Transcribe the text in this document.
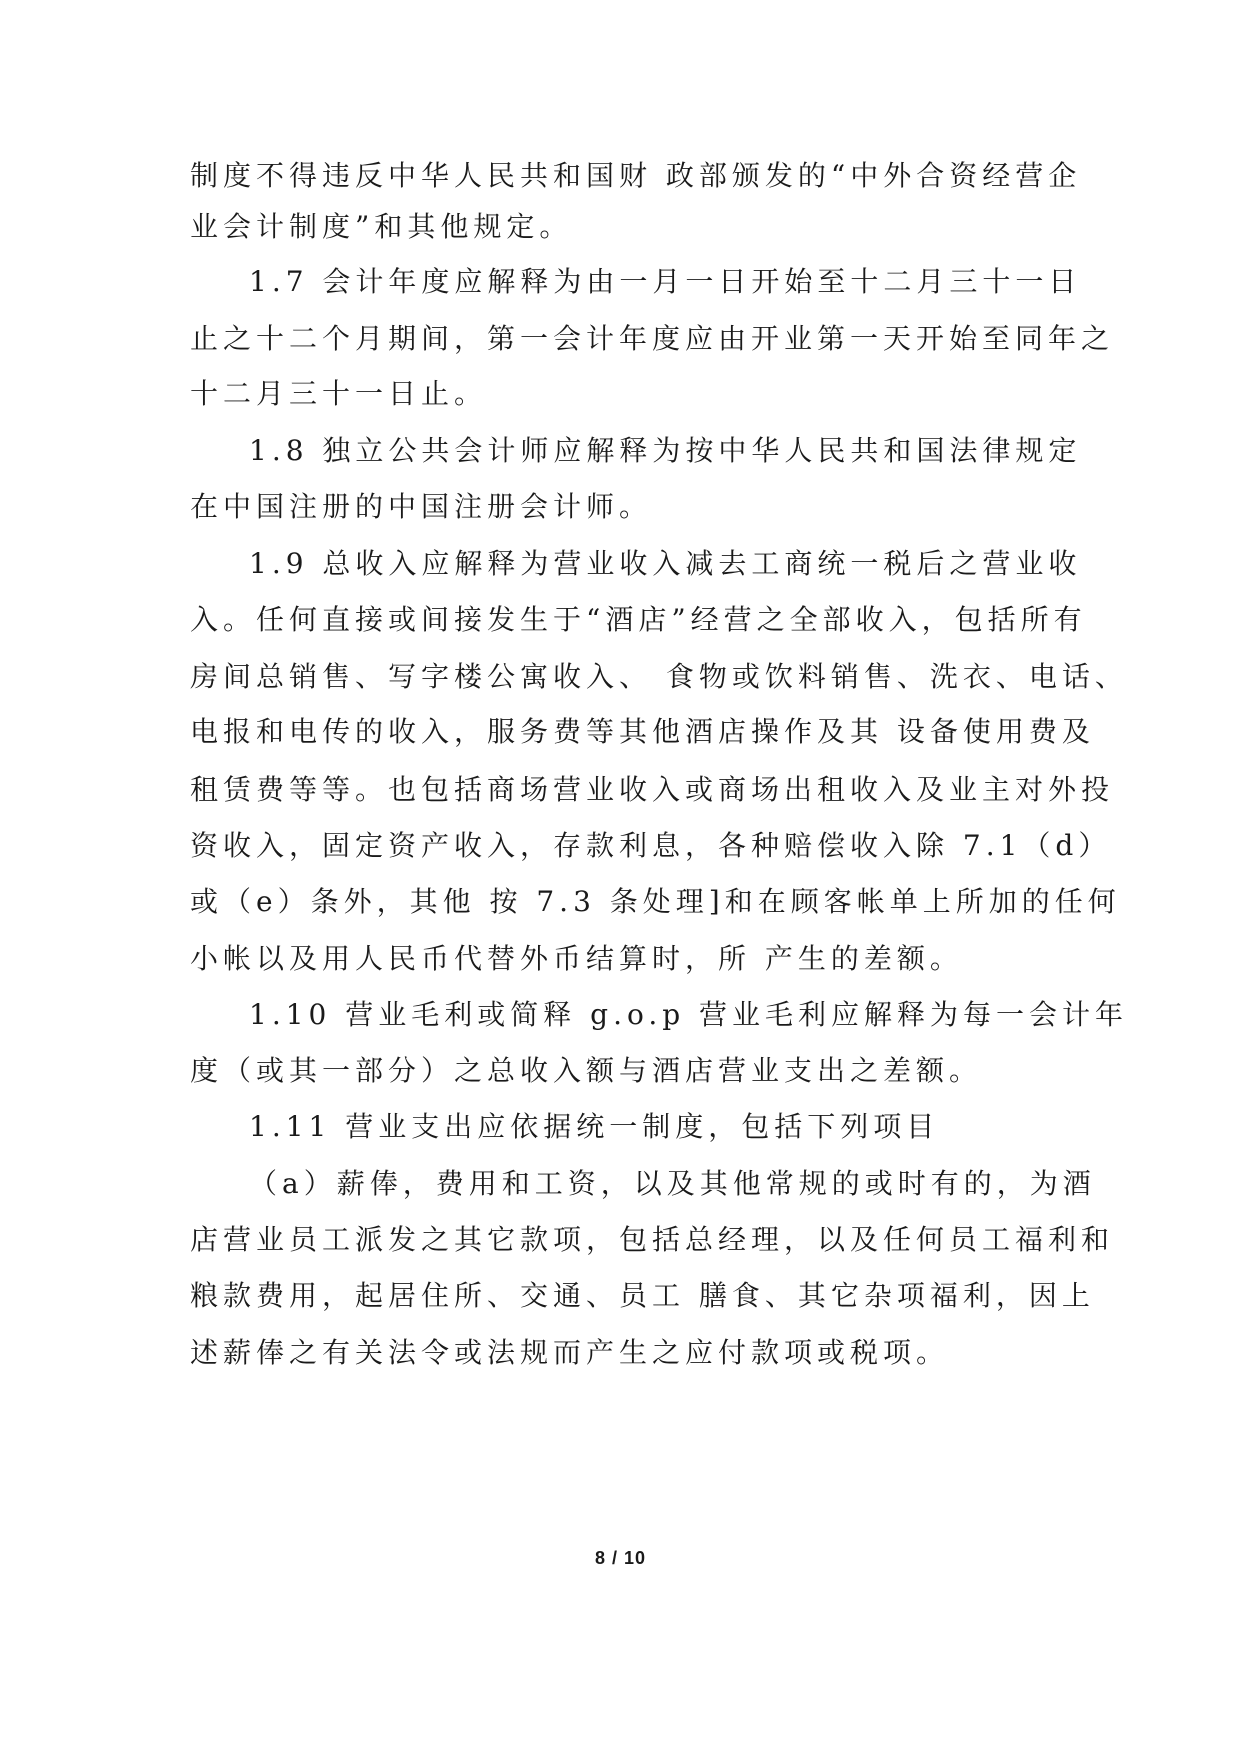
制度不得违反中华人民共和国财 政部颁发的“中外合资经营企
业会计制度”和其他规定。
1.7 会计年度应解释为由一月一日开始至十二月三十一日
止之十二个月期间，第一会计年度应由开业第一天开始至同年之
十二月三十一日止。
1.8 独立公共会计师应解释为按中华人民共和国法律规定
在中国注册的中国注册会计师。
1.9 总收入应解释为营业收入减去工商统一税后之营业收
入。任何直接或间接发生于“酒店”经营之全部收入，包括所有
房间总销售、写字楼公寓收入、 食物或饮料销售、洗衣、电话、
电报和电传的收入，服务费等其他酒店操作及其 设备使用费及
租赁费等等。也包括商场营业收入或商场出租收入及业主对外投
资收入，固定资产收入，存款利息，各种赔偿收入除 7.1（d）
或（e）条外，其他 按 7.3 条处理]和在顾客帐单上所加的任何
小帐以及用人民币代替外币结算时，所 产生的差额。
1.10 营业毛利或简释 g.o.p 营业毛利应解释为每一会计年
度（或其一部分）之总收入额与酒店营业支出之差额。
1.11 营业支出应依据统一制度，包括下列项目
（a）薪俸，费用和工资，以及其他常规的或时有的，为酒
店营业员工派发之其它款项，包括总经理，以及任何员工福利和
粮款费用，起居住所、交通、员工 膳食、其它杂项福利，因上
述薪俸之有关法令或法规而产生之应付款项或税项。
8 / 10
